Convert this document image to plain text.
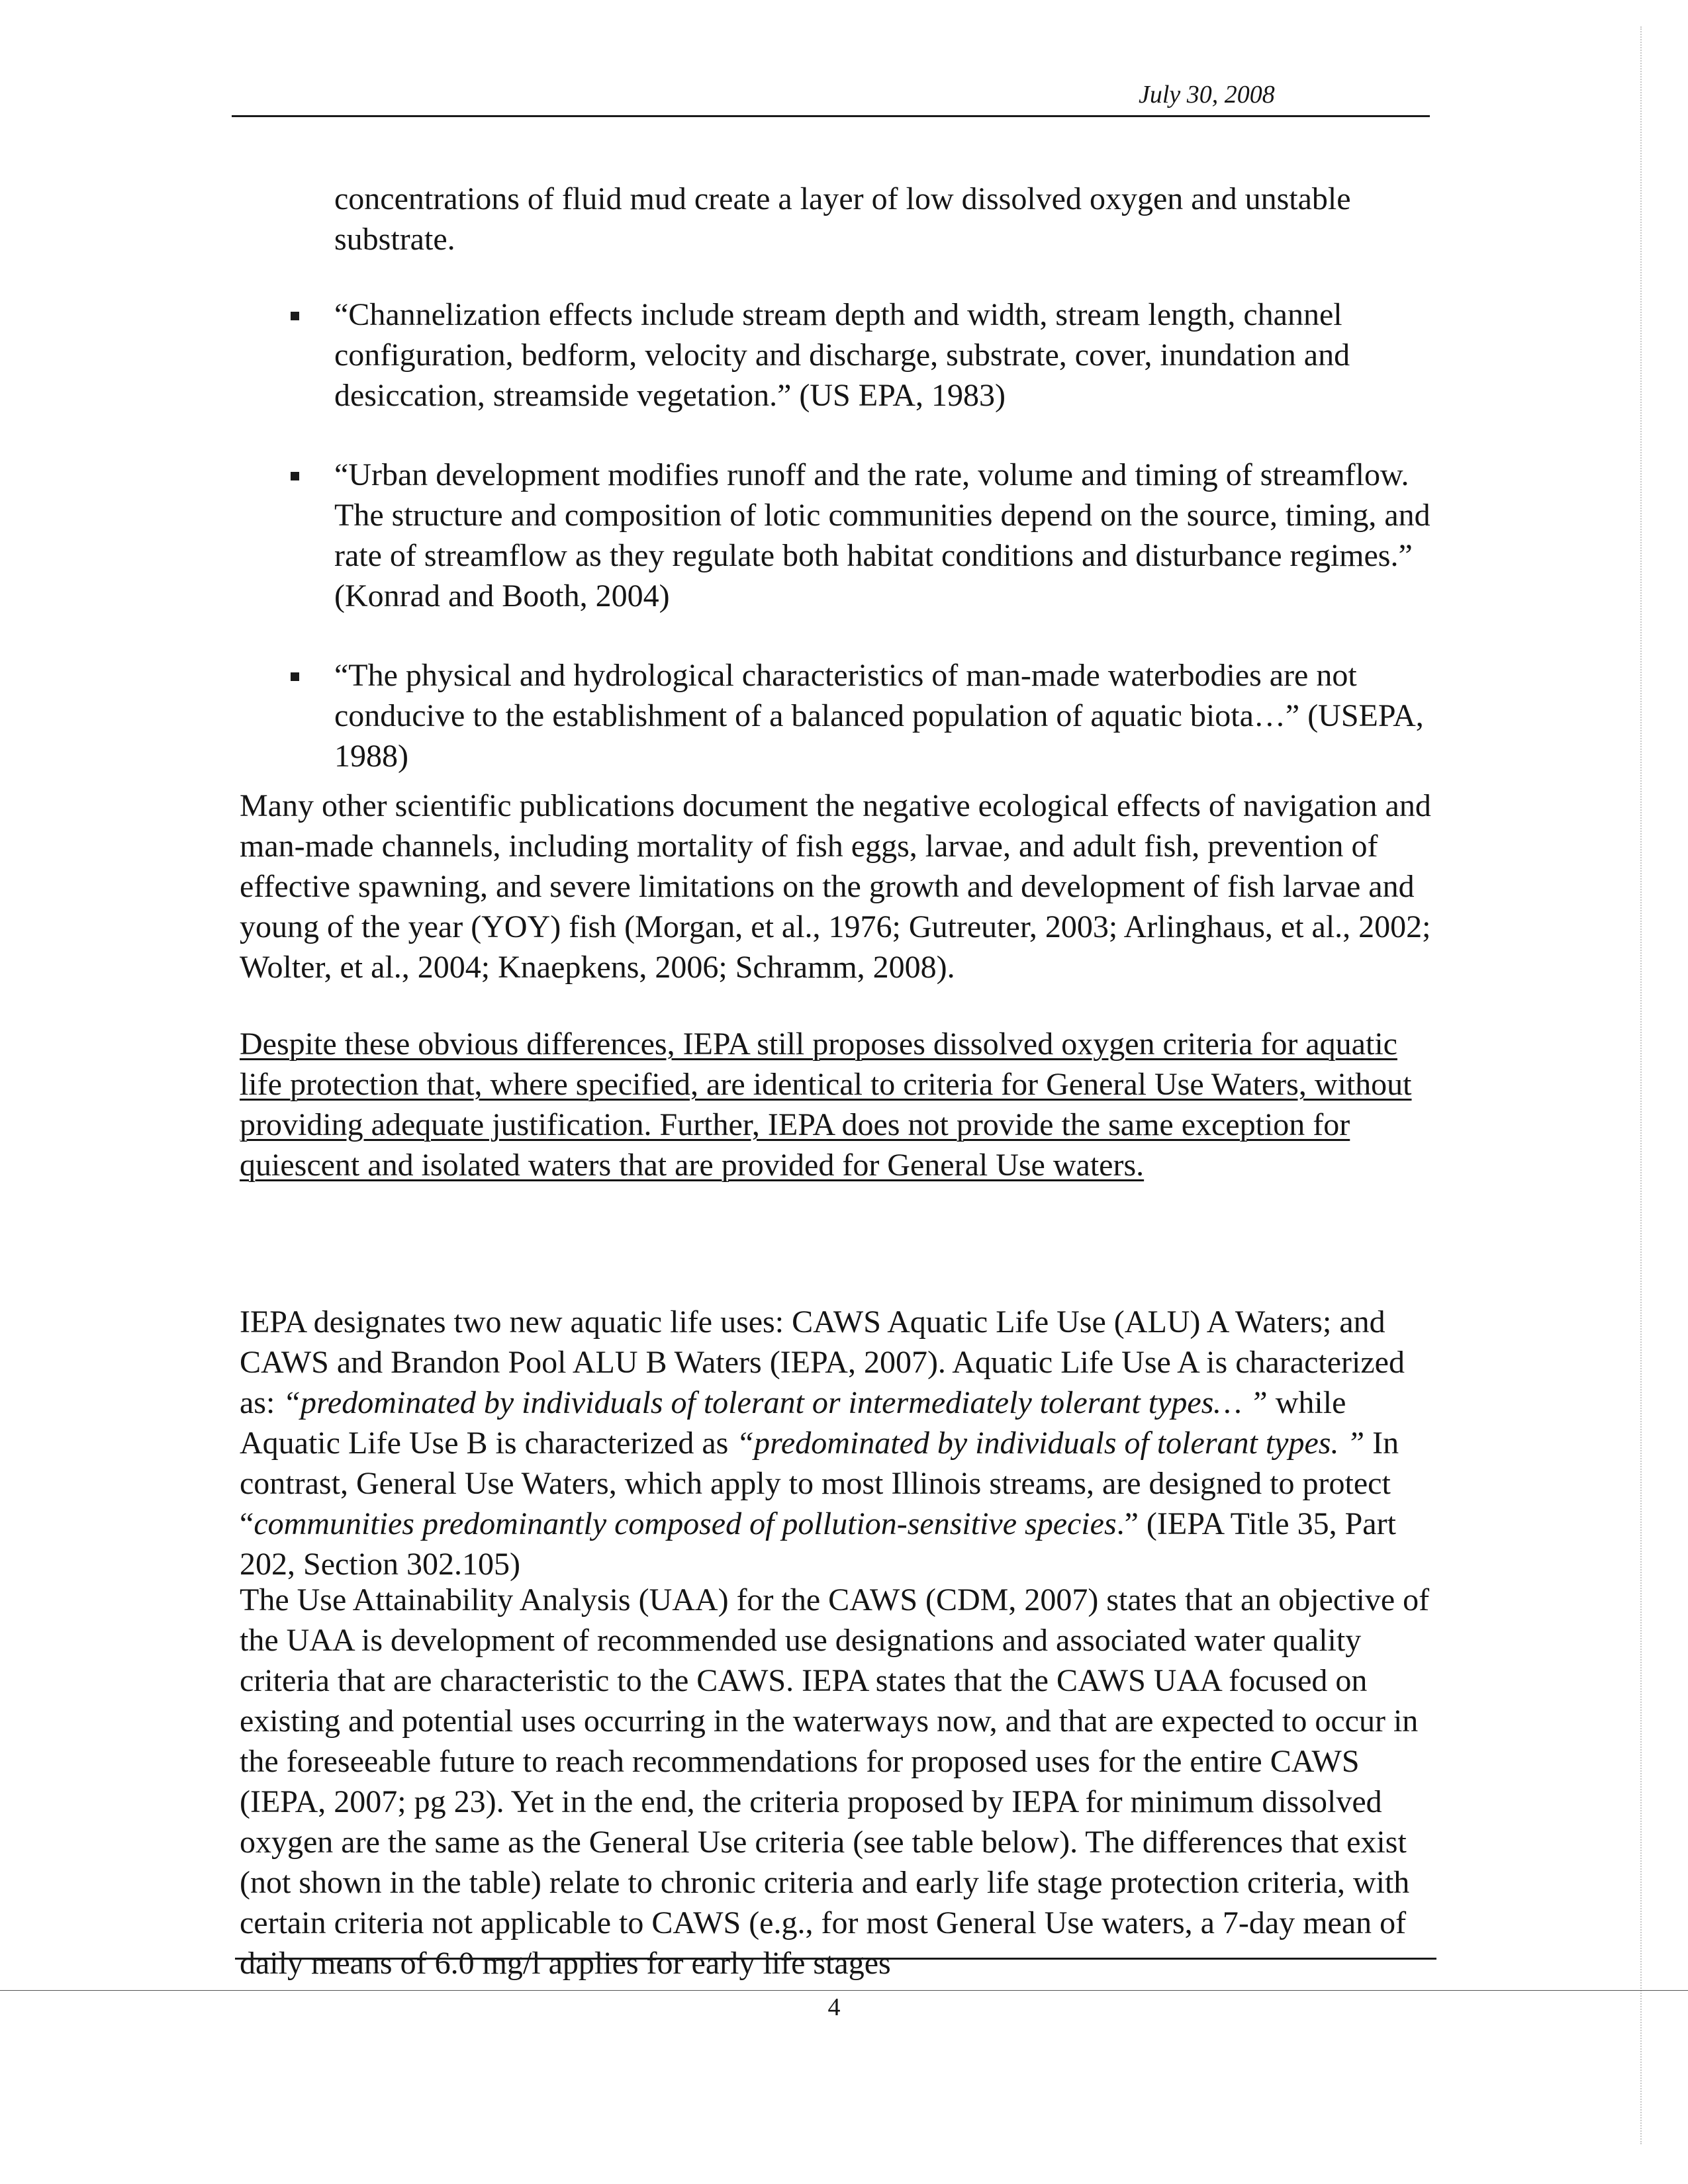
July 30, 2008

concentrations of fluid mud create a layer of low dissolved oxygen and unstable substrate.

“Channelization effects include stream depth and width, stream length, channel configuration, bedform, velocity and discharge, substrate, cover, inundation and desiccation, streamside vegetation.” (US EPA, 1983)
“Urban development modifies runoff and the rate, volume and timing of streamflow. The structure and composition of lotic communities depend on the source, timing, and rate of streamflow as they regulate both habitat conditions and disturbance regimes.” (Konrad and Booth, 2004)
“The physical and hydrological characteristics of man-made waterbodies are not conducive to the establishment of a balanced population of aquatic biota…” (USEPA, 1988)

Many other scientific publications document the negative ecological effects of navigation and man-made channels, including mortality of fish eggs, larvae, and adult fish, prevention of effective spawning, and severe limitations on the growth and development of fish larvae and young of the year (YOY) fish (Morgan, et al., 1976; Gutreuter, 2003; Arlinghaus, et al., 2002; Wolter, et al., 2004; Knaepkens, 2006; Schramm, 2008).

Despite these obvious differences, IEPA still proposes dissolved oxygen criteria for aquatic life protection that, where specified, are identical to criteria for General Use Waters, without providing adequate justification. Further, IEPA does not provide the same exception for quiescent and isolated waters that are provided for General Use waters.

IEPA designates two new aquatic life uses: CAWS Aquatic Life Use (ALU) A Waters; and CAWS and Brandon Pool ALU B Waters (IEPA, 2007). Aquatic Life Use A is characterized as: “predominated by individuals of tolerant or intermediately tolerant types… ” while Aquatic Life Use B is characterized as “predominated by individuals of tolerant types. ” In contrast, General Use Waters, which apply to most Illinois streams, are designed to protect “communities predominantly composed of pollution-sensitive species.” (IEPA Title 35, Part 202, Section 302.105)

The Use Attainability Analysis (UAA) for the CAWS (CDM, 2007) states that an objective of the UAA is development of recommended use designations and associated water quality criteria that are characteristic to the CAWS. IEPA states that the CAWS UAA focused on existing and potential uses occurring in the waterways now, and that are expected to occur in the foreseeable future to reach recommendations for proposed uses for the entire CAWS (IEPA, 2007; pg 23). Yet in the end, the criteria proposed by IEPA for minimum dissolved oxygen are the same as the General Use criteria (see table below). The differences that exist (not shown in the table) relate to chronic criteria and early life stage protection criteria, with certain criteria not applicable to CAWS (e.g., for most General Use waters, a 7-day mean of daily means of 6.0 mg/l applies for early life stages

4
